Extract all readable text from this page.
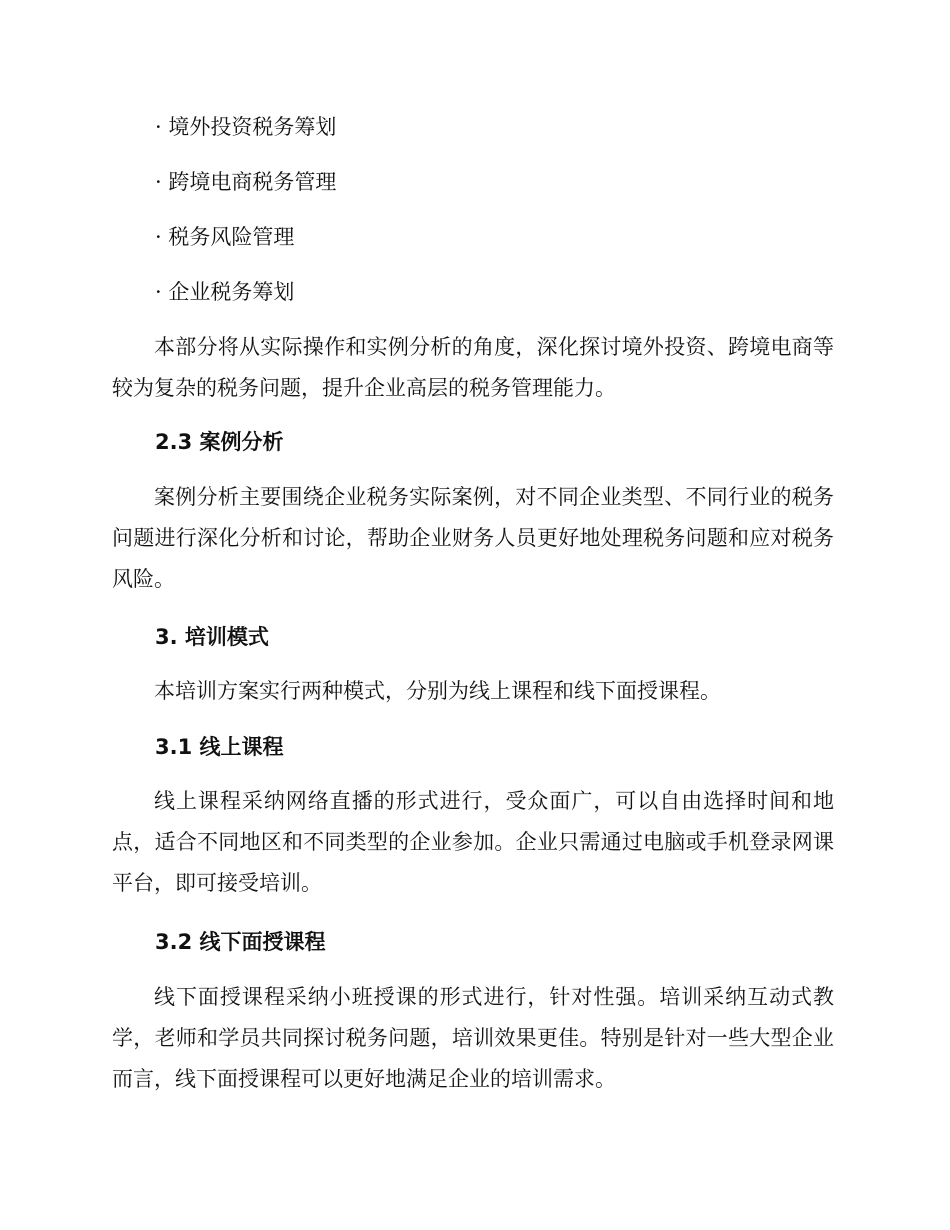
· 境外投资税务筹划
· 跨境电商税务管理
· 税务风险管理
· 企业税务筹划
本部分将从实际操作和实例分析的角度，深化探讨境外投资、跨境电商等较为复杂的税务问题，提升企业高层的税务管理能力。
2.3 案例分析
案例分析主要围绕企业税务实际案例，对不同企业类型、不同行业的税务问题进行深化分析和讨论，帮助企业财务人员更好地处理税务问题和应对税务风险。
3. 培训模式
本培训方案实行两种模式，分别为线上课程和线下面授课程。
3.1 线上课程
线上课程采纳网络直播的形式进行，受众面广，可以自由选择时间和地点，适合不同地区和不同类型的企业参加。企业只需通过电脑或手机登录网课平台，即可接受培训。
3.2 线下面授课程
线下面授课程采纳小班授课的形式进行，针对性强。培训采纳互动式教学，老师和学员共同探讨税务问题，培训效果更佳。特别是针对一些大型企业而言，线下面授课程可以更好地满足企业的培训需求。
